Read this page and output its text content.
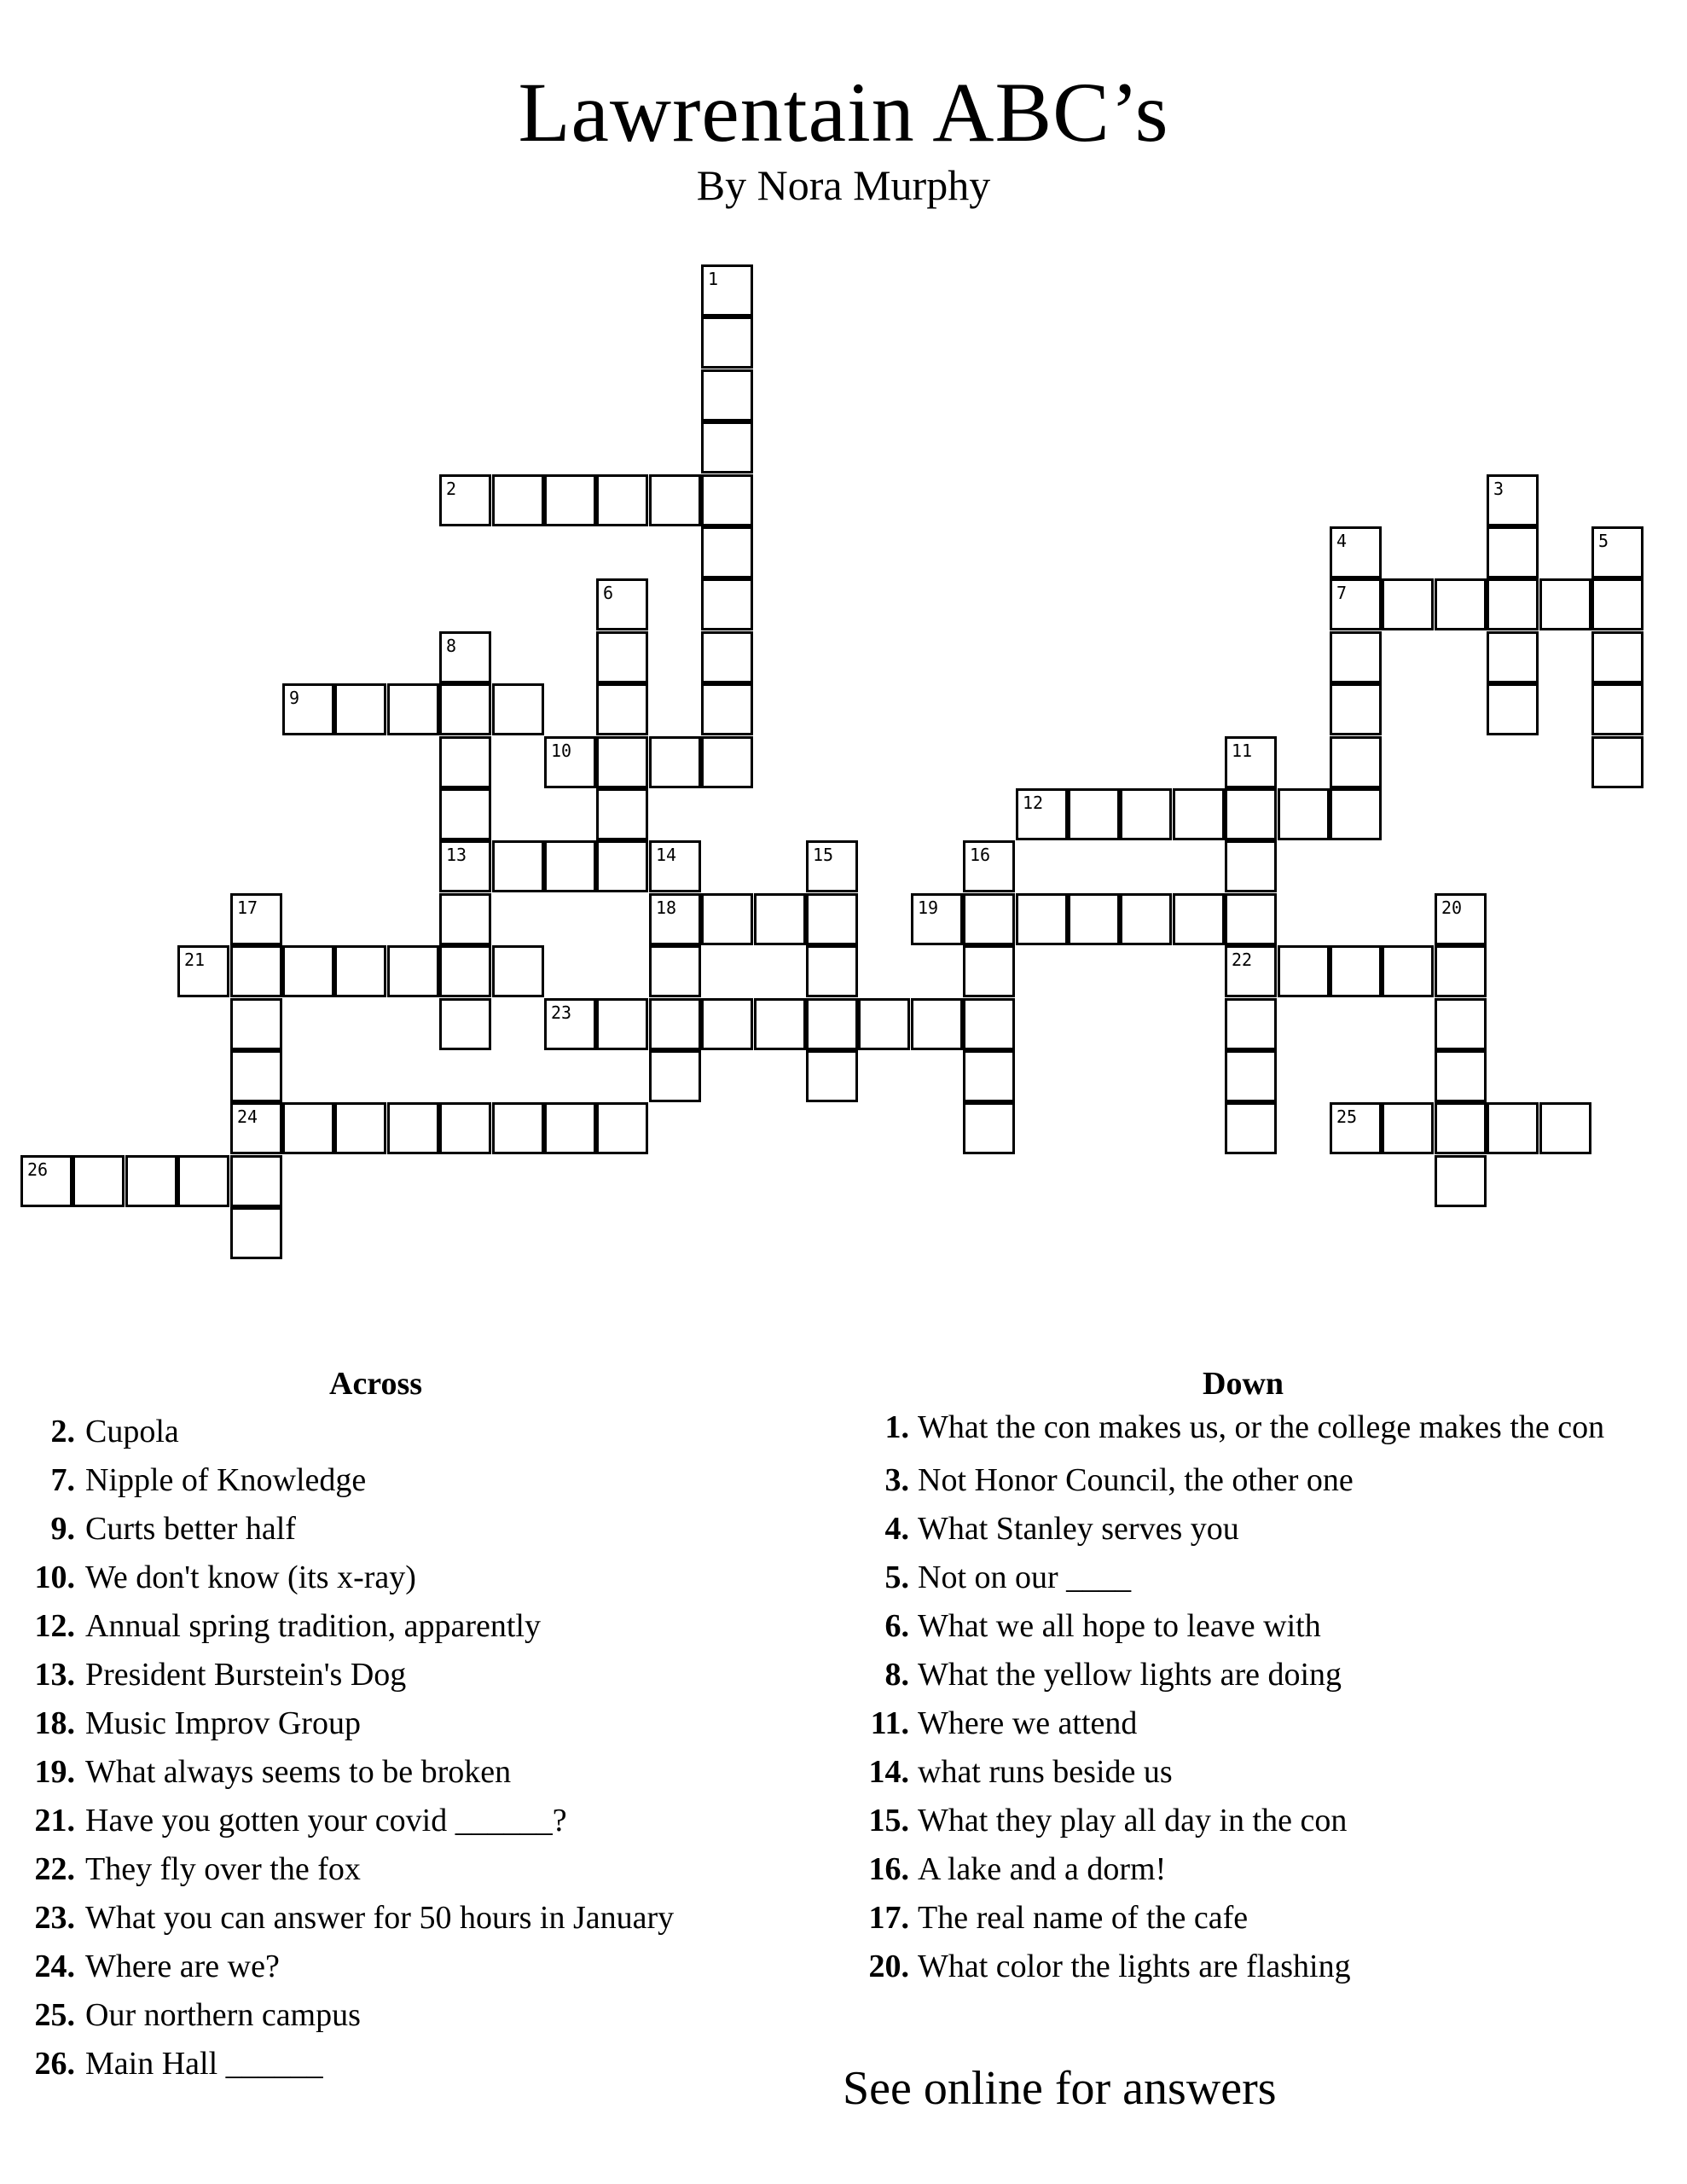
Lawrentain ABC’s
By Nora Murphy
1
2	3
4
7
5
6
8
13
9
10	11
12
14
18
15	16
17
24
19	20
21	22
23
25
26
Across	Down
2. Cupola
7. Nipple of Knowledge
9. Curts better half
10. We don't know (its x-ray)
12. Annual spring tradition, apparently
13. President Burstein's Dog
18. Music Improv Group
19. What always seems to be broken
21. Have you gotten your covid ______?
22. They fly over the fox
23. What you can answer for 50 hours in January
24. Where are we?
25. Our northern campus
26. Main Hall ______
1. What the con makes us, or the college makes the con
3. Not Honor Council, the other one
4. What Stanley serves you
5. Not on our ____
6. What we all hope to leave with
8. What the yellow lights are doing
11. Where we attend
14. what runs beside us
15. What they play all day in the con
16. A lake and a dorm!
17. The real name of the cafe
20. What color the lights are flashing
See online for answers
